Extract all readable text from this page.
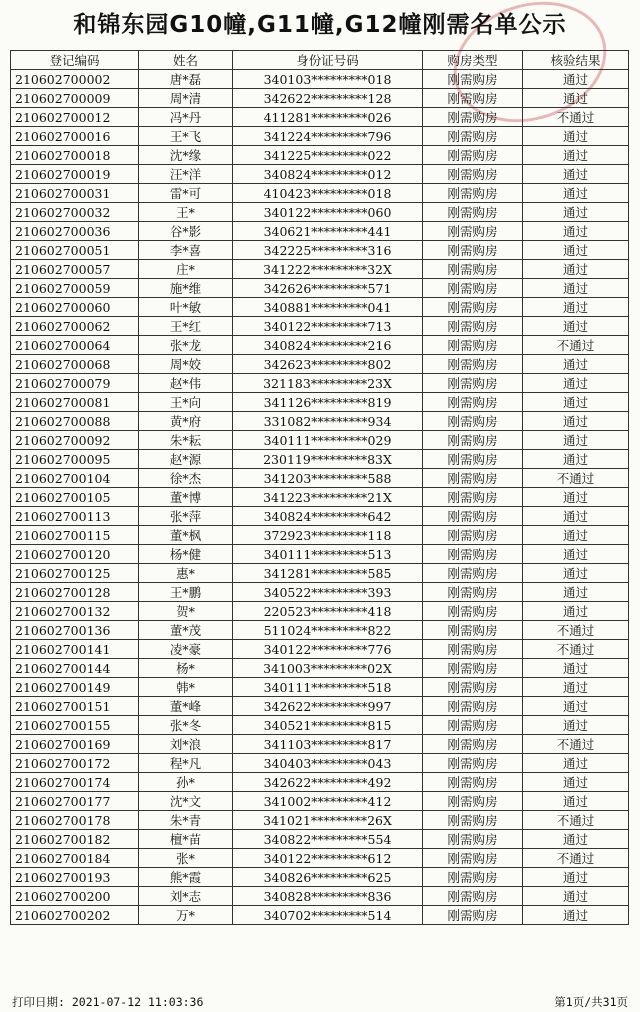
和锦东园G10幢,G11幢,G12幢刚需名单公示
登记编码	姓名	身份证号码	购房类型	核验结果
210602700002	唐*磊	340103*********018	刚需购房	通过
210602700009	周*清	342622*********128	刚需购房	通过
210602700012	冯*丹	411281*********026	刚需购房	不通过
210602700016	王*飞	341224*********796	刚需购房	通过
210602700018	沈*缘	341225*********022	刚需购房	通过
210602700019	汪*洋	340824*********012	刚需购房	通过
210602700031	雷*可	410423*********018	刚需购房	通过
210602700032	王*	340122*********060	刚需购房	通过
210602700036	谷*影	340621*********441	刚需购房	通过
210602700051	李*喜	342225*********316	刚需购房	通过
210602700057	庄*	341222*********32X	刚需购房	通过
210602700059	施*维	342626*********571	刚需购房	通过
210602700060	叶*敏	340881*********041	刚需购房	通过
210602700062	王*红	340122*********713	刚需购房	通过
210602700064	张*龙	340824*********216	刚需购房	不通过
210602700068	周*姣	342623*********802	刚需购房	通过
210602700079	赵*伟	321183*********23X	刚需购房	通过
210602700081	王*向	341126*********819	刚需购房	通过
210602700088	黄*府	331082*********934	刚需购房	通过
210602700092	朱*耘	340111*********029	刚需购房	通过
210602700095	赵*源	230119*********83X	刚需购房	通过
210602700104	徐*杰	341203*********588	刚需购房	不通过
210602700105	董*博	341223*********21X	刚需购房	通过
210602700113	张*萍	340824*********642	刚需购房	通过
210602700115	董*枫	372923*********118	刚需购房	通过
210602700120	杨*健	340111*********513	刚需购房	通过
210602700125	惠*	341281*********585	刚需购房	通过
210602700128	王*鹏	340522*********393	刚需购房	通过
210602700132	贺*	220523*********418	刚需购房	通过
210602700136	董*茂	511024*********822	刚需购房	不通过
210602700141	凌*豪	340122*********776	刚需购房	不通过
210602700144	杨*	341003*********02X	刚需购房	通过
210602700149	韩*	340111*********518	刚需购房	通过
210602700151	董*峰	342622*********997	刚需购房	通过
210602700155	张*冬	340521*********815	刚需购房	通过
210602700169	刘*浪	341103*********817	刚需购房	不通过
210602700172	程*凡	340403*********043	刚需购房	通过
210602700174	孙*	342622*********492	刚需购房	通过
210602700177	沈*文	341002*********412	刚需购房	通过
210602700178	朱*青	341021*********26X	刚需购房	不通过
210602700182	檀*苗	340822*********554	刚需购房	通过
210602700184	张*	340122*********612	刚需购房	不通过
210602700193	熊*霞	340826*********625	刚需购房	通过
210602700200	刘*志	340828*********836	刚需购房	通过
210602700202	万*	340702*********514	刚需购房	通过
打印日期: 2021-07-12 11:03:36	第1页/共31页
